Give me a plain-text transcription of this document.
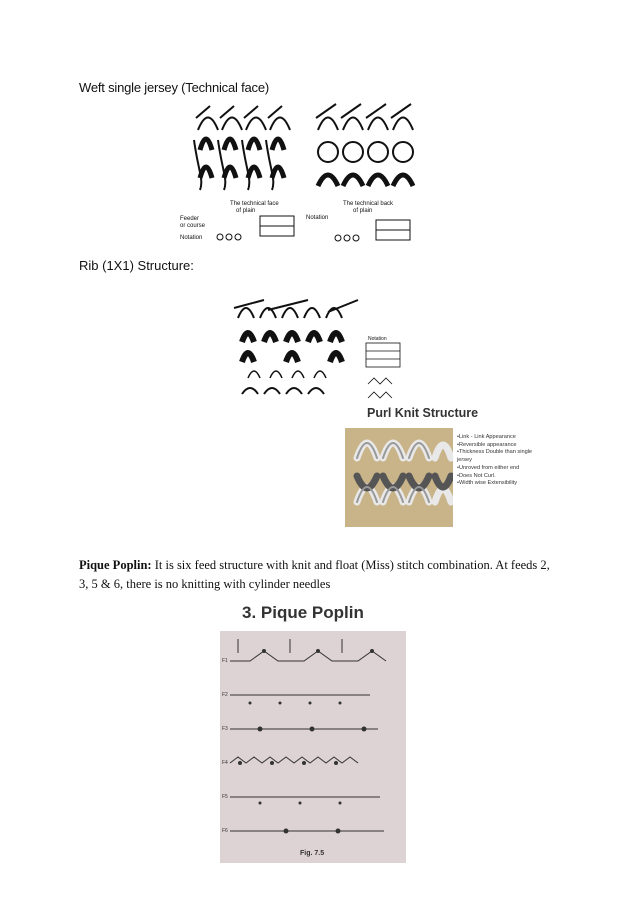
Weft single jersey (Technical face)
The technical face
of plain
The technical back
of plain
Feeder
or course
Notation
Notation
Rib (1X1) Structure:
Notation
Purl Knit Structure
•Link - Link Appearance
•Reversible appearance
•Thickness Double than single
jersey
•Unroved from either end
•Does Not Curl.
•Width wise Extensibility
Pique Poplin: It is six feed structure with knit and float (Miss) stitch combination. At feeds 2, 3, 5 & 6, there is no knitting with cylinder needles
3. Pique Poplin
F1
F2
F3
F4
F5
F6
Fig. 7.5
